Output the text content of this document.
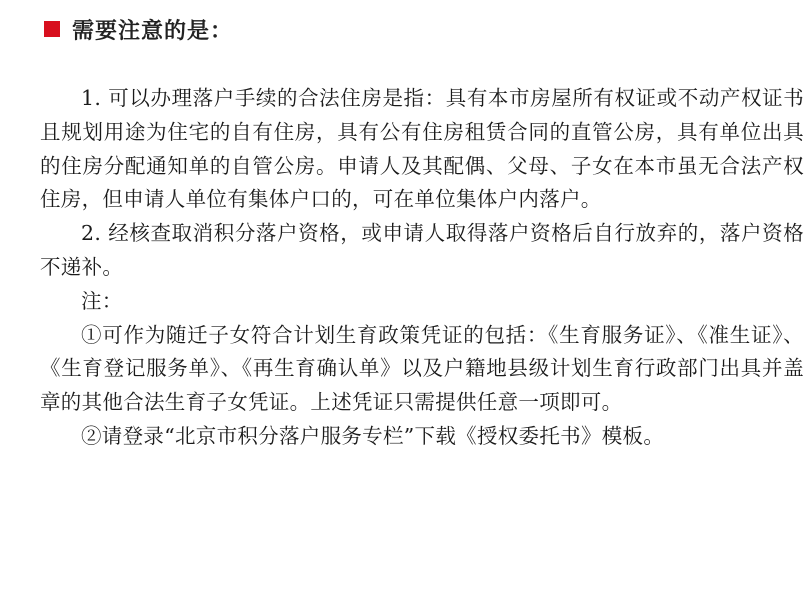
需要注意的是：

1. 可以办理落户手续的合法住房是指：具有本市房屋所有权证或不动产权证书且规划用途为住宅的自有住房，具有公有住房租赁合同的直管公房，具有单位出具的住房分配通知单的自管公房。申请人及其配偶、父母、子女在本市虽无合法产权住房，但申请人单位有集体户口的，可在单位集体户内落户。

2. 经核查取消积分落户资格，或申请人取得落户资格后自行放弃的，落户资格不递补。

注：

①可作为随迁子女符合计划生育政策凭证的包括：《生育服务证》、《准生证》、《生育登记服务单》、《再生育确认单》以及户籍地县级计划生育行政部门出具并盖章的其他合法生育子女凭证。上述凭证只需提供任意一项即可。

②请登录“北京市积分落户服务专栏”下载《授权委托书》模板。
